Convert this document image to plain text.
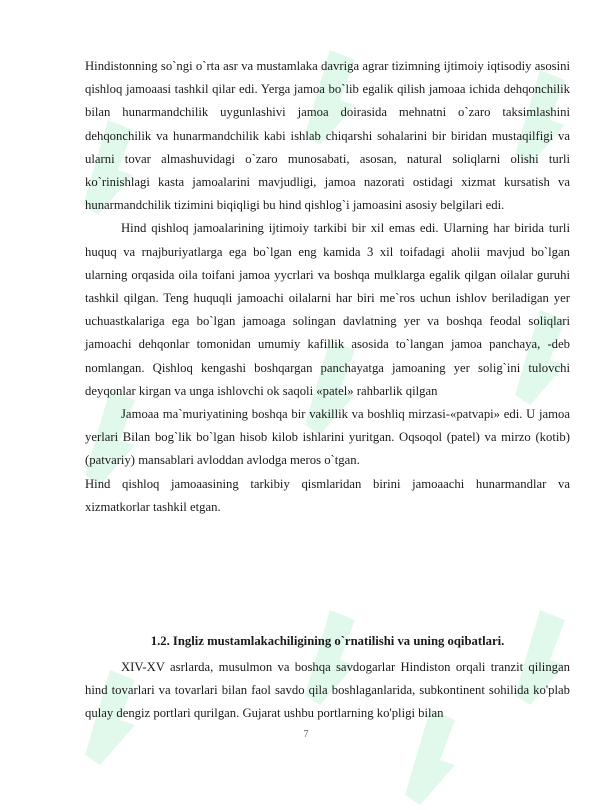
Hindistonning so`ngi o`rta asr va mustamlaka davriga agrar tizimning ijtimoiy iqtisodiy asosini qishloq jamoaasi tashkil qilar edi. Yerga jamoa bo`lib egalik qilish jamoaa ichida dehqonchilik bilan hunarmandchilik uygunlashivi jamoa doirasida mehnatni o`zaro taksimlashini dehqonchilik va hunarmandchilik kabi ishlab chiqarshi sohalarini bir biridan mustaqilfigi va ularni tovar almashuvidagi o`zaro munosabati, asosan, natural soliqlarni olishi turli ko`rinishlagi kasta jamoalarini mavjudligi, jamoa nazorati ostidagi xizmat kursatish va hunarmandchilik tizimini biqiqligi bu hind qishlog`i jamoasini asosiy belgilari edi.

Hind qishloq jamoalarining ijtimoiy tarkibi bir xil emas edi. Ularning har birida turli huquq va rnajburiyatlarga ega bo`lgan eng kamida 3 xil toifadagi aholii mavjud bo`lgan ularning orqasida oila toifani jamoa yycrlari va boshqa mulklarga egalik qilgan oilalar guruhi tashkil qilgan. Teng huquqli jamoachi oilalarni har biri me`ros uchun ishlov beriladigan yer uchuastkalariga ega bo`lgan jamoaga solingan davlatning yer va boshqa feodal soliqlari jamoachi dehqonlar tomonidan umumiy kafillik asosida to`langan jamoa panchaya, -deb nomlangan. Qishloq kengashi boshqargan panchayatga jamoaning yer solig`ini tulovchi deyqonlar kirgan va unga ishlovchi ok saqoli «patel» rahbarlik qilgan

Jamoaa ma`muriyatining boshqa bir vakillik va boshliq mirzasi-«patvapi» edi. U jamoa yerlari Bilan bog`lik bo`lgan hisob kilob ishlarini yuritgan. Oqsoqol (patel) va mirzo (kotib) (patvariy) mansablari avloddan avlodga meros o`tgan.

Hind qishloq jamoaasining tarkibiy qismlaridan birini jamoaachi hunarmandlar va xizmatkorlar tashkil etgan.

1.2. Ingliz mustamlakachiligining o`rnatilishi va uning oqibatlari.

XIV-XV asrlarda, musulmon va boshqa savdogarlar Hindiston orqali tranzit qilingan hind tovarlari va tovarlari bilan faol savdo qila boshlaganlarida, subkontinent sohilida ko'plab qulay dengiz portlari qurilgan. Gujarat ushbu portlarning ko'pligi bilan

7
